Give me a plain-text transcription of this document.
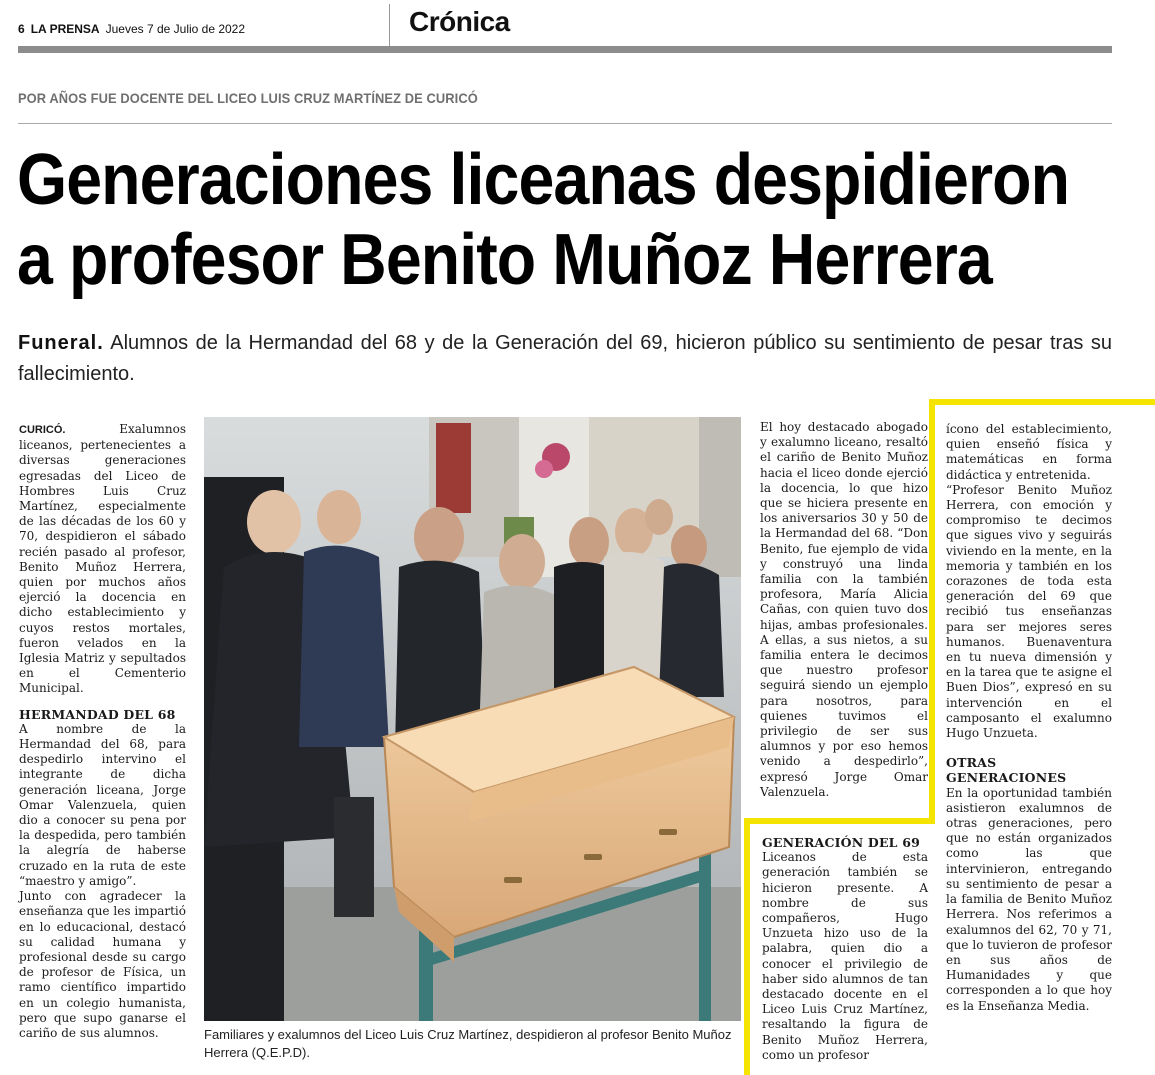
6 LA PRENSA Jueves 7 de Julio de 2022	Crónica
POR AÑOS FUE DOCENTE DEL LICEO LUIS CRUZ MARTÍNEZ DE CURICÓ
Generaciones liceanas despidieron
a profesor Benito Muñoz Herrera
Funeral. Alumnos de la Hermandad del 68 y de la Generación del 69, hicieron público su sentimiento de pesar tras su fallecimiento.

CURICÓ.	Exalumnos liceanos, pertenecientes a diversas generaciones egresadas del Liceo de Hombres Luis Cruz Martínez, especialmente de las décadas de los 60 y 70, despidieron el sábado recién pasado al profesor, Benito Muñoz Herrera, quien por muchos años ejerció la docencia en dicho establecimiento y cuyos restos mortales, fueron velados en la Iglesia Matriz y sepultados en el Cementerio Municipal.

HERMANDAD DEL 68

A nombre de la Hermandad del 68, para despedirlo intervino el integrante de dicha generación liceana, Jorge Omar Valenzuela, quien dio a conocer su pena por la despedida, pero también la alegría de haberse cruzado en la ruta de este “maestro y amigo”.

Junto con agradecer la enseñanza que les impartió en lo educacional, destacó su calidad humana y profesional desde su cargo de profesor de Física, un ramo científico impartido en un colegio humanista, pero que supo ganarse el cariño de sus alumnos.	Familiares y exalumnos del Liceo Luis Cruz Martínez, despidieron al profesor Benito Muñoz Herrera (Q.E.P.D).

El hoy destacado abogado y exalumno liceano, resaltó el cariño de Benito Muñoz hacia el liceo donde ejerció la docencia, lo que hizo que se hiciera presente en los aniversarios 30 y 50 de la Hermandad del 68. “Don Benito, fue ejemplo de vida y construyó una linda familia con la también profesora, María Alicia Cañas, con quien tuvo dos hijas, ambas profesionales. A ellas, a sus nietos, a su familia entera le decimos que nuestro profesor seguirá siendo un ejemplo para nosotros, para quienes tuvimos el privilegio de ser sus alumnos y por eso hemos venido a despedirlo”, expresó Jorge Omar Valenzuela.

GENERACIÓN DEL 69

Liceanos de esta generación también se hicieron presente. A nombre de sus compañeros, Hugo Unzueta hizo uso de la palabra, quien dio a conocer el privilegio de haber sido alumnos de tan destacado docente en el Liceo Luis Cruz Martínez, resaltando la figura de Benito Muñoz Herrera, como un profesor

ícono del establecimiento, quien enseñó física y matemáticas en forma didáctica y entretenida.

“Profesor Benito Muñoz Herrera, con emoción y compromiso te decimos que sigues vivo y seguirás viviendo en la mente, en la memoria y también en los corazones de toda esta generación del 69 que recibió tus enseñanzas para ser mejores seres humanos. Buenaventura en tu nueva dimensión y en la tarea que te asigne el Buen Dios”, expresó en su intervención en el camposanto el exalumno Hugo Unzueta.

OTRAS GENERACIONES

En la oportunidad también asistieron exalumnos de otras generaciones, pero que no están organizados como las que intervinieron, entregando su sentimiento de pesar a la familia de Benito Muñoz Herrera. Nos referimos a exalumnos del 62, 70 y 71, que lo tuvieron de profesor en sus años de Humanidades y que corresponden a lo que hoy es la Enseñanza Media.
